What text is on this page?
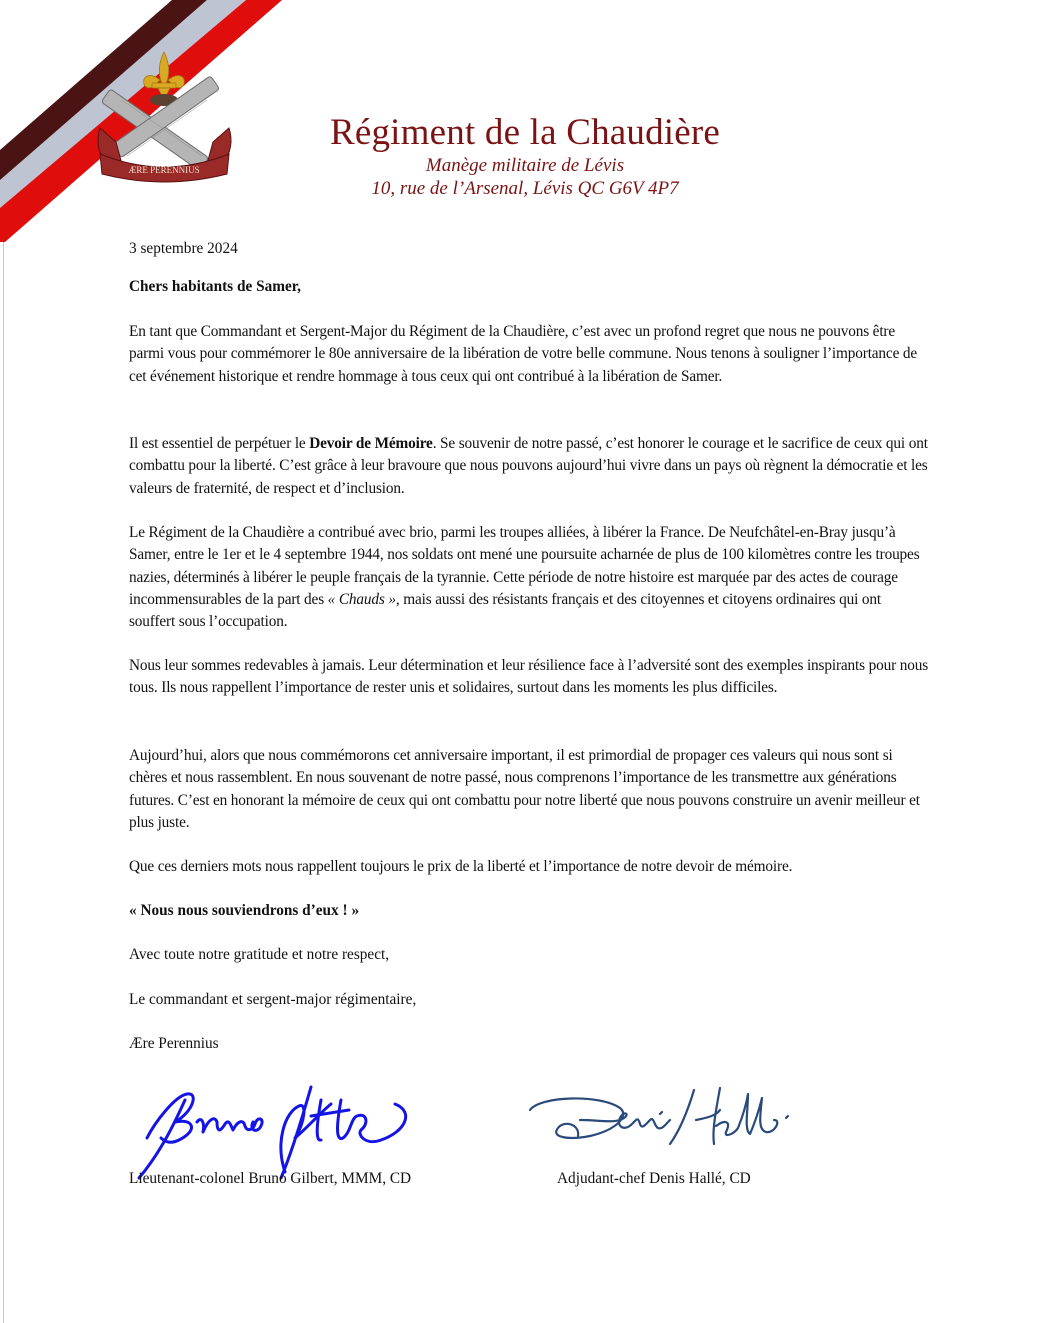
ÆRE PERENNIUS
Régiment de la Chaudière
Manège militaire de Lévis
10, rue de l’Arsenal, Lévis QC G6V 4P7
3 septembre 2024
Chers habitants de Samer,

En tant que Commandant et Sergent-Major du Régiment de la Chaudière, c’est avec un profond regret que nous ne pouvons être parmi vous pour commémorer le 80e anniversaire de la libération de votre belle commune. Nous tenons à souligner l’importance de cet événement historique et rendre hommage à tous ceux qui ont contribué à la libération de Samer.

Il est essentiel de perpétuer le Devoir de Mémoire. Se souvenir de notre passé, c’est honorer le courage et le sacrifice de ceux qui ont combattu pour la liberté. C’est grâce à leur bravoure que nous pouvons aujourd’hui vivre dans un pays où règnent la démocratie et les valeurs de fraternité, de respect et d’inclusion.

Le Régiment de la Chaudière a contribué avec brio, parmi les troupes alliées, à libérer la France. De Neufchâtel-en-Bray jusqu’à Samer, entre le 1er et le 4 septembre 1944, nos soldats ont mené une poursuite acharnée de plus de 100 kilomètres contre les troupes nazies, déterminés à libérer le peuple français de la tyrannie. Cette période de notre histoire est marquée par des actes de courage incommensurables de la part des « Chauds », mais aussi des résistants français et des citoyennes et citoyens ordinaires qui ont souffert sous l’occupation.

Nous leur sommes redevables à jamais. Leur détermination et leur résilience face à l’adversité sont des exemples inspirants pour nous tous. Ils nous rappellent l’importance de rester unis et solidaires, surtout dans les moments les plus difficiles.

Aujourd’hui, alors que nous commémorons cet anniversaire important, il est primordial de propager ces valeurs qui nous sont si chères et nous rassemblent. En nous souvenant de notre passé, nous comprenons l’importance de les transmettre aux générations futures. C’est en honorant la mémoire de ceux qui ont combattu pour notre liberté que nous pouvons construire un avenir meilleur et plus juste.

Que ces derniers mots nous rappellent toujours le prix de la liberté et l’importance de notre devoir de mémoire.

« Nous nous souviendrons d’eux ! »
Avec toute notre gratitude et notre respect,
Le commandant et sergent-major régimentaire,
Ære Perennius
Lieutenant-colonel Bruno Gilbert, MMM, CD	Adjudant-chef Denis Hallé, CD
